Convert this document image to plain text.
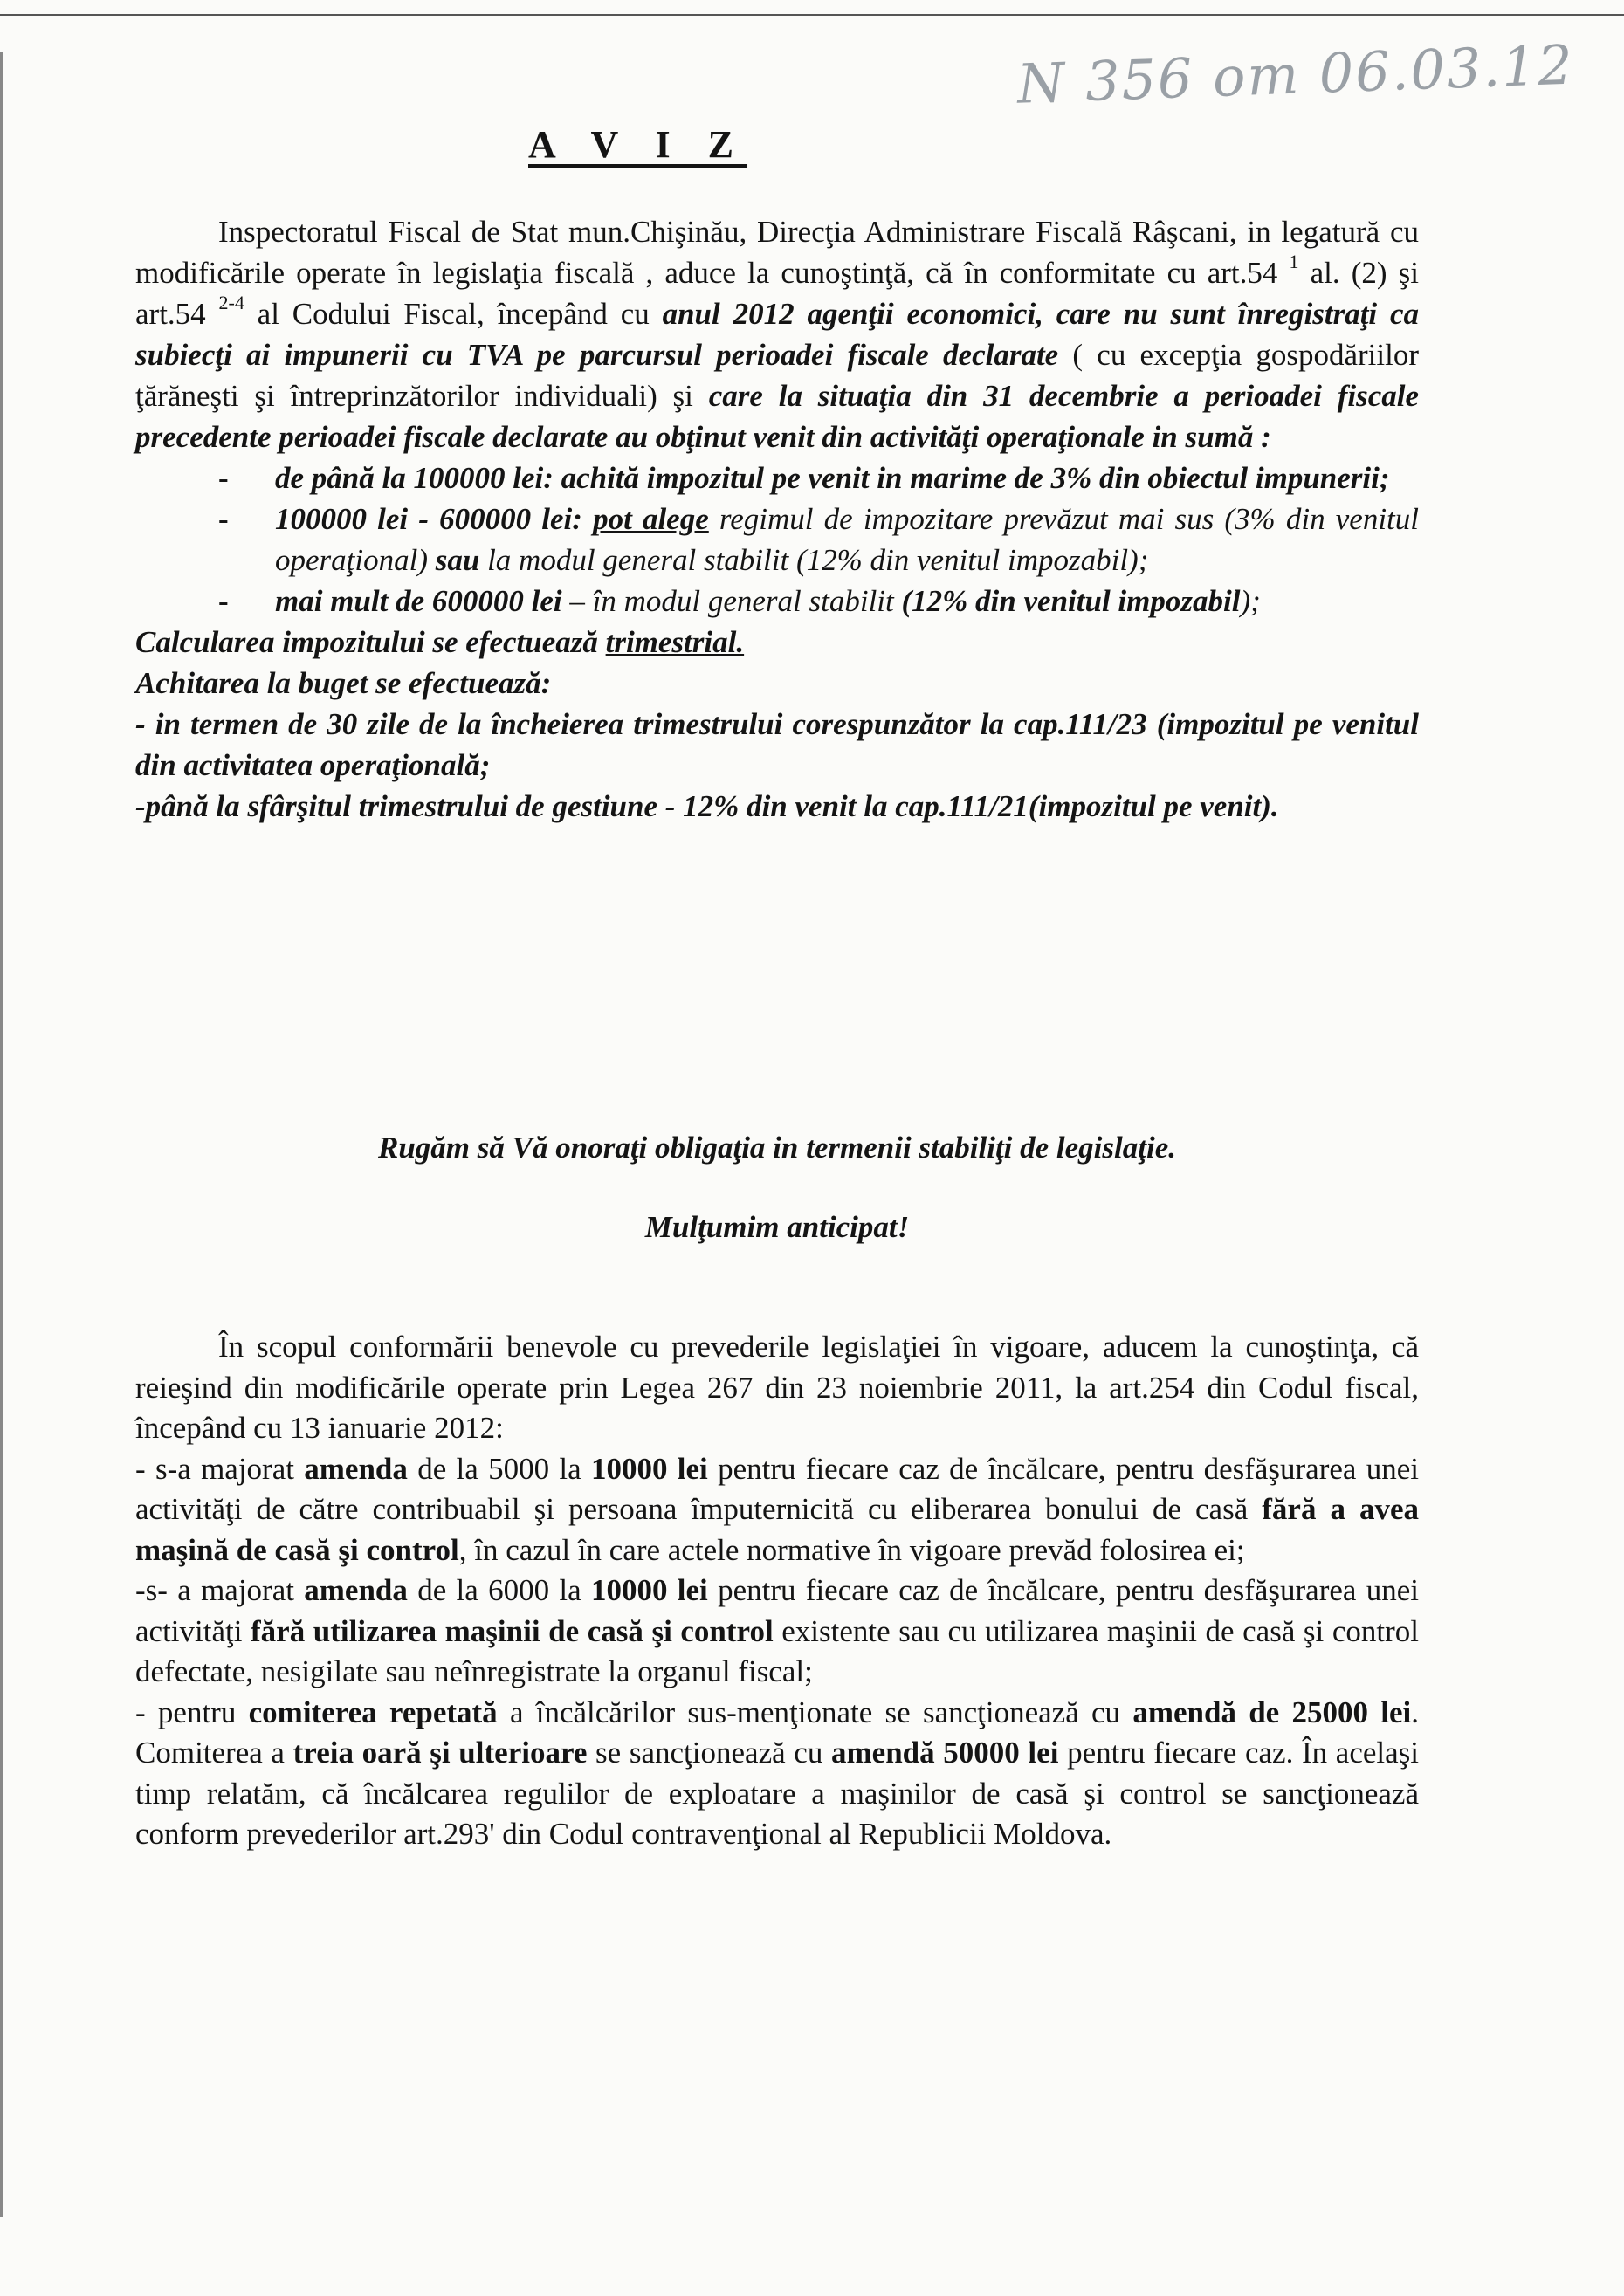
N 356 от 06.03.12
A V I Z

Inspectoratul Fiscal de Stat mun.Chişinău, Direcţia Administrare Fiscală Râşcani, in legatură cu modificările operate în legislaţia fiscală , aduce la cunoştinţă, că în conformitate cu art.54 $^1$ al. (2) şi art.54 $^{2-4}$ al Codului Fiscal, începând cu anul 2012 agenţii economici, care nu sunt înregistraţi ca subiecţi ai impunerii cu TVA pe parcursul perioadei fiscale declarate ( cu excepţia gospodăriilor ţărăneşti şi întreprinzătorilor individuali) şi care la situaţia din 31 decembrie a perioadei fiscale precedente perioadei fiscale declarate au obţinut venit din activităţi operaţionale in sumă :

- de până la 100000 lei: achită impozitul pe venit in marime de 3% din obiectul impunerii;
- 100000 lei - 600000 lei: pot alege regimul de impozitare prevăzut mai sus (3% din venitul operaţional) sau la modul general stabilit (12% din venitul impozabil);
- mai mult de 600000 lei – în modul general stabilit (12% din venitul impozabil);

Calcularea impozitului se efectuează trimestrial.

Achitarea la buget se efectuează:

- in termen de 30 zile de la încheierea trimestrului corespunzător la cap.111/23 (impozitul pe venitul din activitatea operaţională;

-până la sfârşitul trimestrului de gestiune - 12% din venit la cap.111/21(impozitul pe venit).

Rugăm să Vă onoraţi obligaţia in termenii stabiliţi de legislaţie.
Mulţumim anticipat!

În scopul conformării benevole cu prevederile legislaţiei în vigoare, aducem la cunoştinţa, că reieşind din modificările operate prin Legea 267 din 23 noiembrie 2011, la art.254 din Codul fiscal, începând cu 13 ianuarie 2012:

- s-a majorat amenda de la 5000 la 10000 lei pentru fiecare caz de încălcare, pentru desfăşurarea unei activităţi de către contribuabil şi persoana împuternicită cu eliberarea bonului de casă fără a avea maşină de casă şi control, în cazul în care actele normative în vigoare prevăd folosirea ei;

-s- a majorat amenda de la 6000 la 10000 lei pentru fiecare caz de încălcare, pentru desfăşurarea unei activităţi fără utilizarea maşinii de casă şi control existente sau cu utilizarea maşinii de casă şi control defectate, nesigilate sau neînregistrate la organul fiscal;

- pentru comiterea repetată a încălcărilor sus-menţionate se sancţionează cu amendă de 25000 lei. Comiterea a treia oară şi ulterioare se sancţionează cu amendă 50000 lei pentru fiecare caz. În acelaşi timp relatăm, că încălcarea regulilor de exploatare a maşinilor de casă şi control se sancţionează conform prevederilor art.293' din Codul contravenţional al Republicii Moldova.
